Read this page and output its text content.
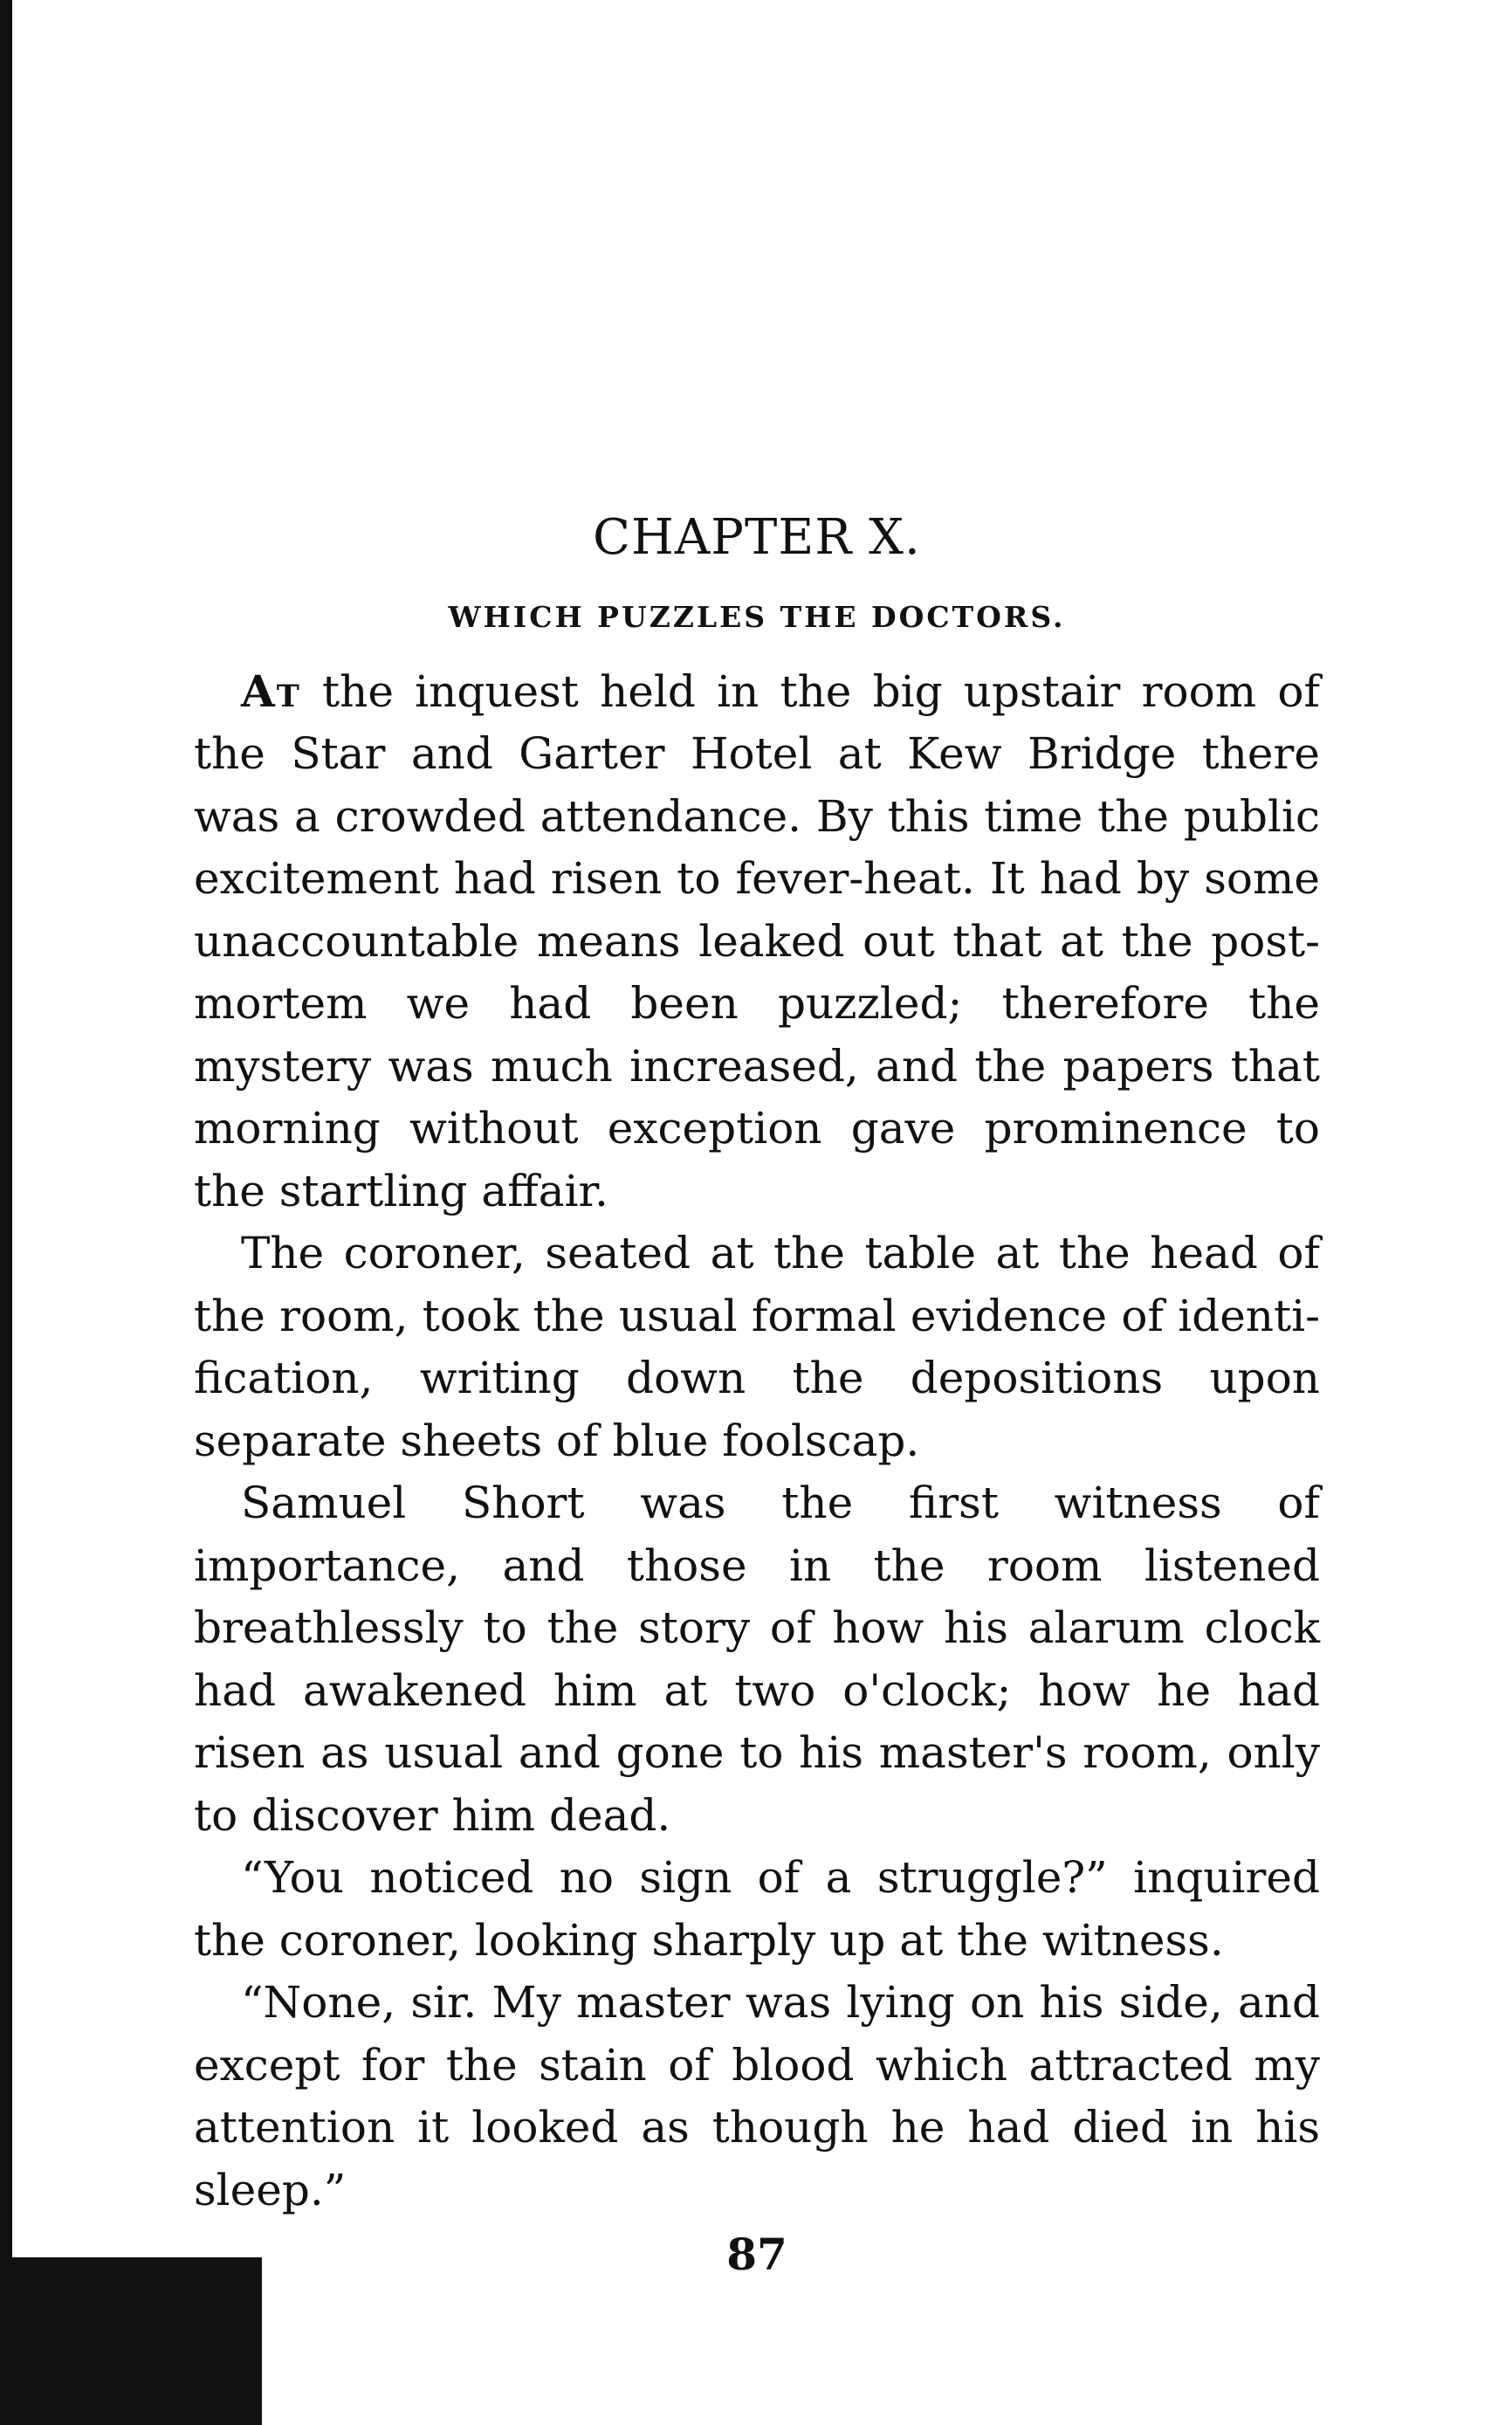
CHAPTER X.
WHICH PUZZLES THE DOCTORS.

At the inquest held in the big upstair room of the Star and Garter Hotel at Kew Bridge there was a crowded attendance. By this time the public excitement had risen to fever-heat. It had by some unaccountable means leaked out that at the post-mortem we had been puzzled; therefore the mystery was much increased, and the papers that morning without exception gave prominence to the startling affair.

The coroner, seated at the table at the head of the room, took the usual formal evidence of identification, writing down the depositions upon separate sheets of blue foolscap.

Samuel Short was the first witness of importance, and those in the room listened breathlessly to the story of how his alarum clock had awakened him at two o'clock; how he had risen as usual and gone to his master's room, only to discover him dead.

“You noticed no sign of a struggle?” inquired the coroner, looking sharply up at the witness.

“None, sir. My master was lying on his side, and except for the stain of blood which attracted my attention it looked as though he had died in his sleep.”

87
